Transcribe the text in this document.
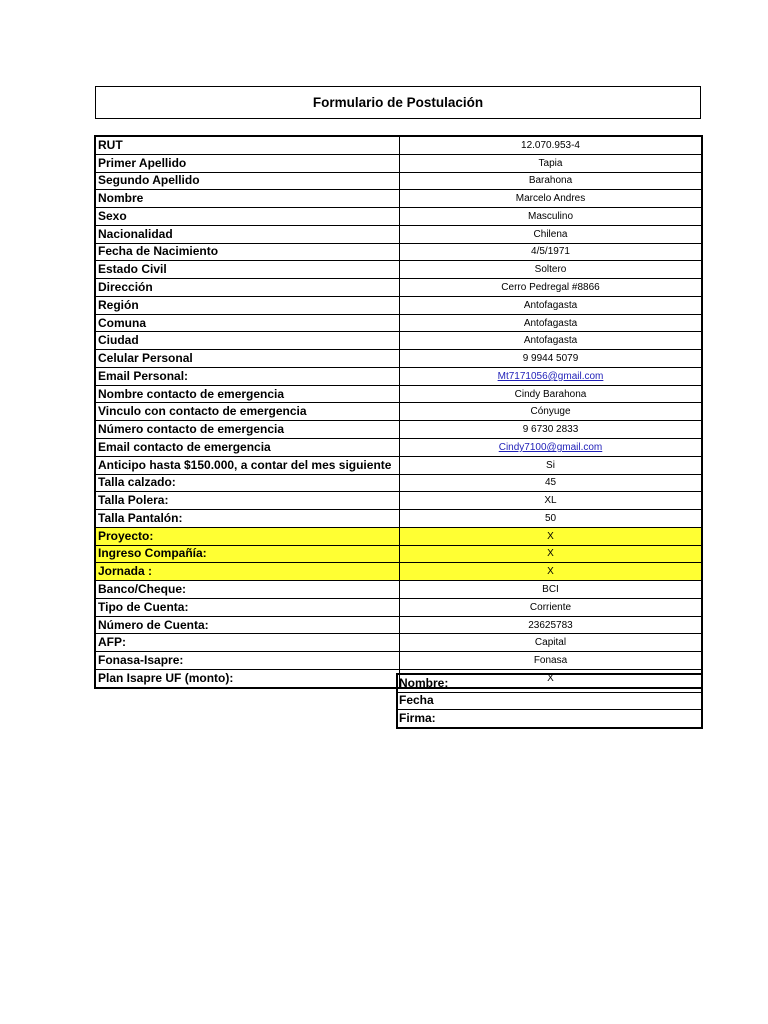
Formulario de Postulación
RUT	12.070.953-4
Primer Apellido	Tapia
Segundo Apellido	Barahona
Nombre	Marcelo Andres
Sexo	Masculino
Nacionalidad	Chilena
Fecha de Nacimiento	4/5/1971
Estado Civil	Soltero
Dirección	Cerro Pedregal #8866
Región	Antofagasta
Comuna	Antofagasta
Ciudad	Antofagasta
Celular Personal	9 9944 5079
Email Personal:	Mt7171056@gmail.com
Nombre contacto de emergencia	Cindy Barahona
Vinculo con contacto de emergencia	Cónyuge
Número contacto de emergencia	9 6730 2833
Email contacto de emergencia	Cindy7100@gmail.com
Anticipo hasta $150.000, a contar del mes siguiente	Si
Talla calzado:	45
Talla Polera:	XL
Talla Pantalón:	50
Proyecto:	X
Ingreso Compañía:	X
Jornada :	X
Banco/Cheque:	BCI
Tipo de Cuenta:	Corriente
Número de Cuenta:	23625783
AFP:	Capital
Fonasa-Isapre:	Fonasa
Plan Isapre UF (monto):	X
Nombre:
Fecha
Firma:
